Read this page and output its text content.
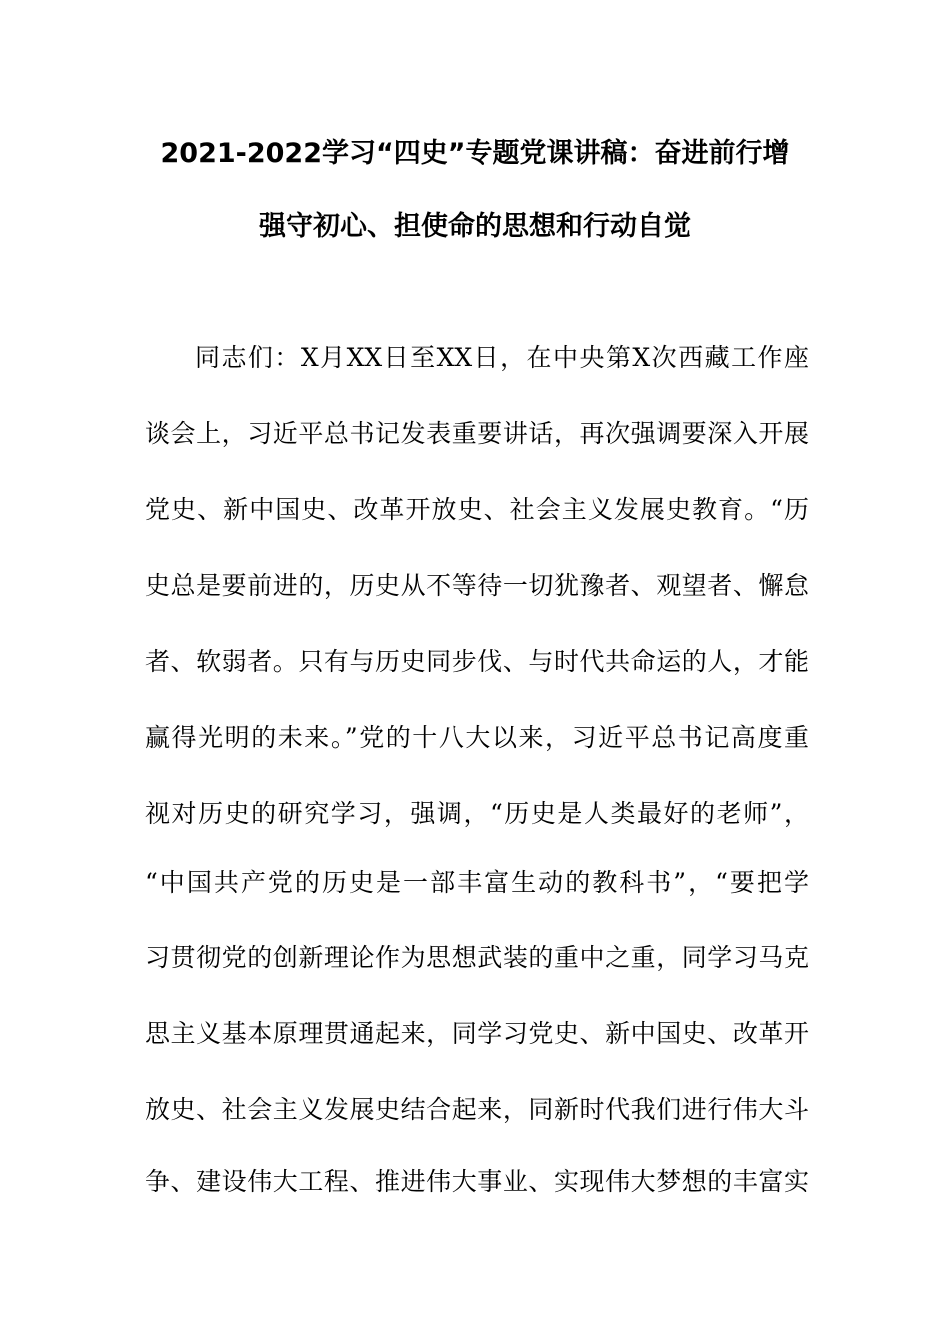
2021-2022学习“四史”专题党课讲稿：奋进前行增
强守初心、担使命的思想和行动自觉
同志们：X月XX日至XX日，在中央第X次西藏工作座
谈会上，习近平总书记发表重要讲话，再次强调要深入开展
党史、新中国史、改革开放史、社会主义发展史教育。“历
史总是要前进的，历史从不等待一切犹豫者、观望者、懈怠
者、软弱者。只有与历史同步伐、与时代共命运的人，才能
赢得光明的未来。”党的十八大以来，习近平总书记高度重
视对历史的研究学习，强调，“历史是人类最好的老师”，
“中国共产党的历史是一部丰富生动的教科书”，“要把学
习贯彻党的创新理论作为思想武装的重中之重，同学习马克
思主义基本原理贯通起来，同学习党史、新中国史、改革开
放史、社会主义发展史结合起来，同新时代我们进行伟大斗
争、建设伟大工程、推进伟大事业、实现伟大梦想的丰富实
